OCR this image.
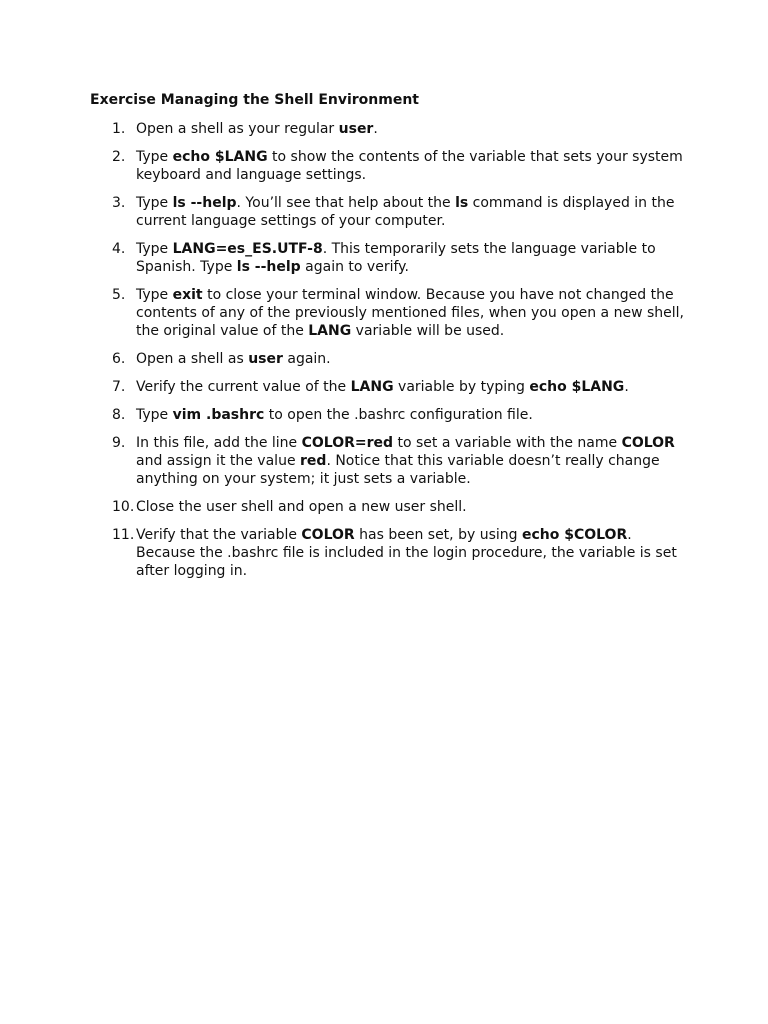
Exercise Managing the Shell Environment
1. Open a shell as your regular user.
2. Type echo $LANG to show the contents of the variable that sets your system keyboard and language settings.
3. Type ls --help. You’ll see that help about the ls command is displayed in the current language settings of your computer.
4. Type LANG=es_ES.UTF-8. This temporarily sets the language variable to Spanish. Type ls --help again to verify.
5. Type exit to close your terminal window. Because you have not changed the contents of any of the previously mentioned files, when you open a new shell, the original value of the LANG variable will be used.
6. Open a shell as user again.
7. Verify the current value of the LANG variable by typing echo $LANG.
8. Type vim .bashrc to open the .bashrc configuration file.
9. In this file, add the line COLOR=red to set a variable with the name COLOR and assign it the value red. Notice that this variable doesn’t really change anything on your system; it just sets a variable.
10. Close the user shell and open a new user shell.
11. Verify that the variable COLOR has been set, by using echo $COLOR. Because the .bashrc file is included in the login procedure, the variable is set after logging in.
